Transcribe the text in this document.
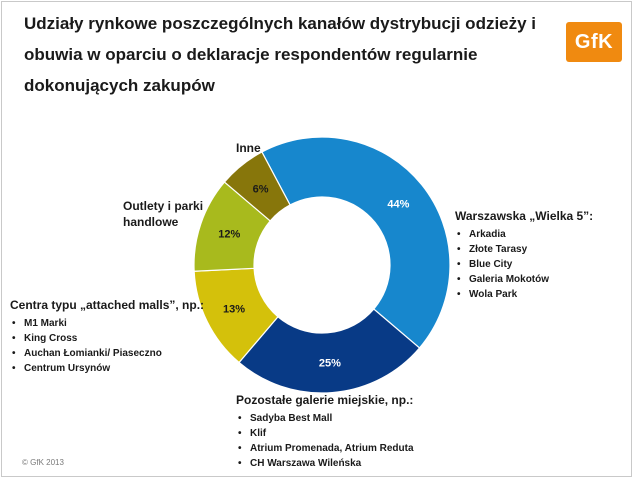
Udziały rynkowe poszczególnych kanałów dystrybucji odzieży i
obuwia w oparciu o deklaracje respondentów regularnie
dokonujących zakupów
GfK
44%
25%
13%
12%
6%
Warszawska „Wielka 5”:
• Arkadia
• Złote Tarasy
• Blue City
• Galeria Mokotów
• Wola Park
Pozostałe galerie miejskie, np.:
• Sadyba Best Mall
• Klif
• Atrium Promenada, Atrium Reduta
• CH Warszawa Wileńska
Centra typu „attached malls”, np.:
• M1 Marki
• King Cross
• Auchan Łomianki/ Piaseczno
• Centrum Ursynów
Outlety i parki
handlowe
Inne
© GfK 2013
